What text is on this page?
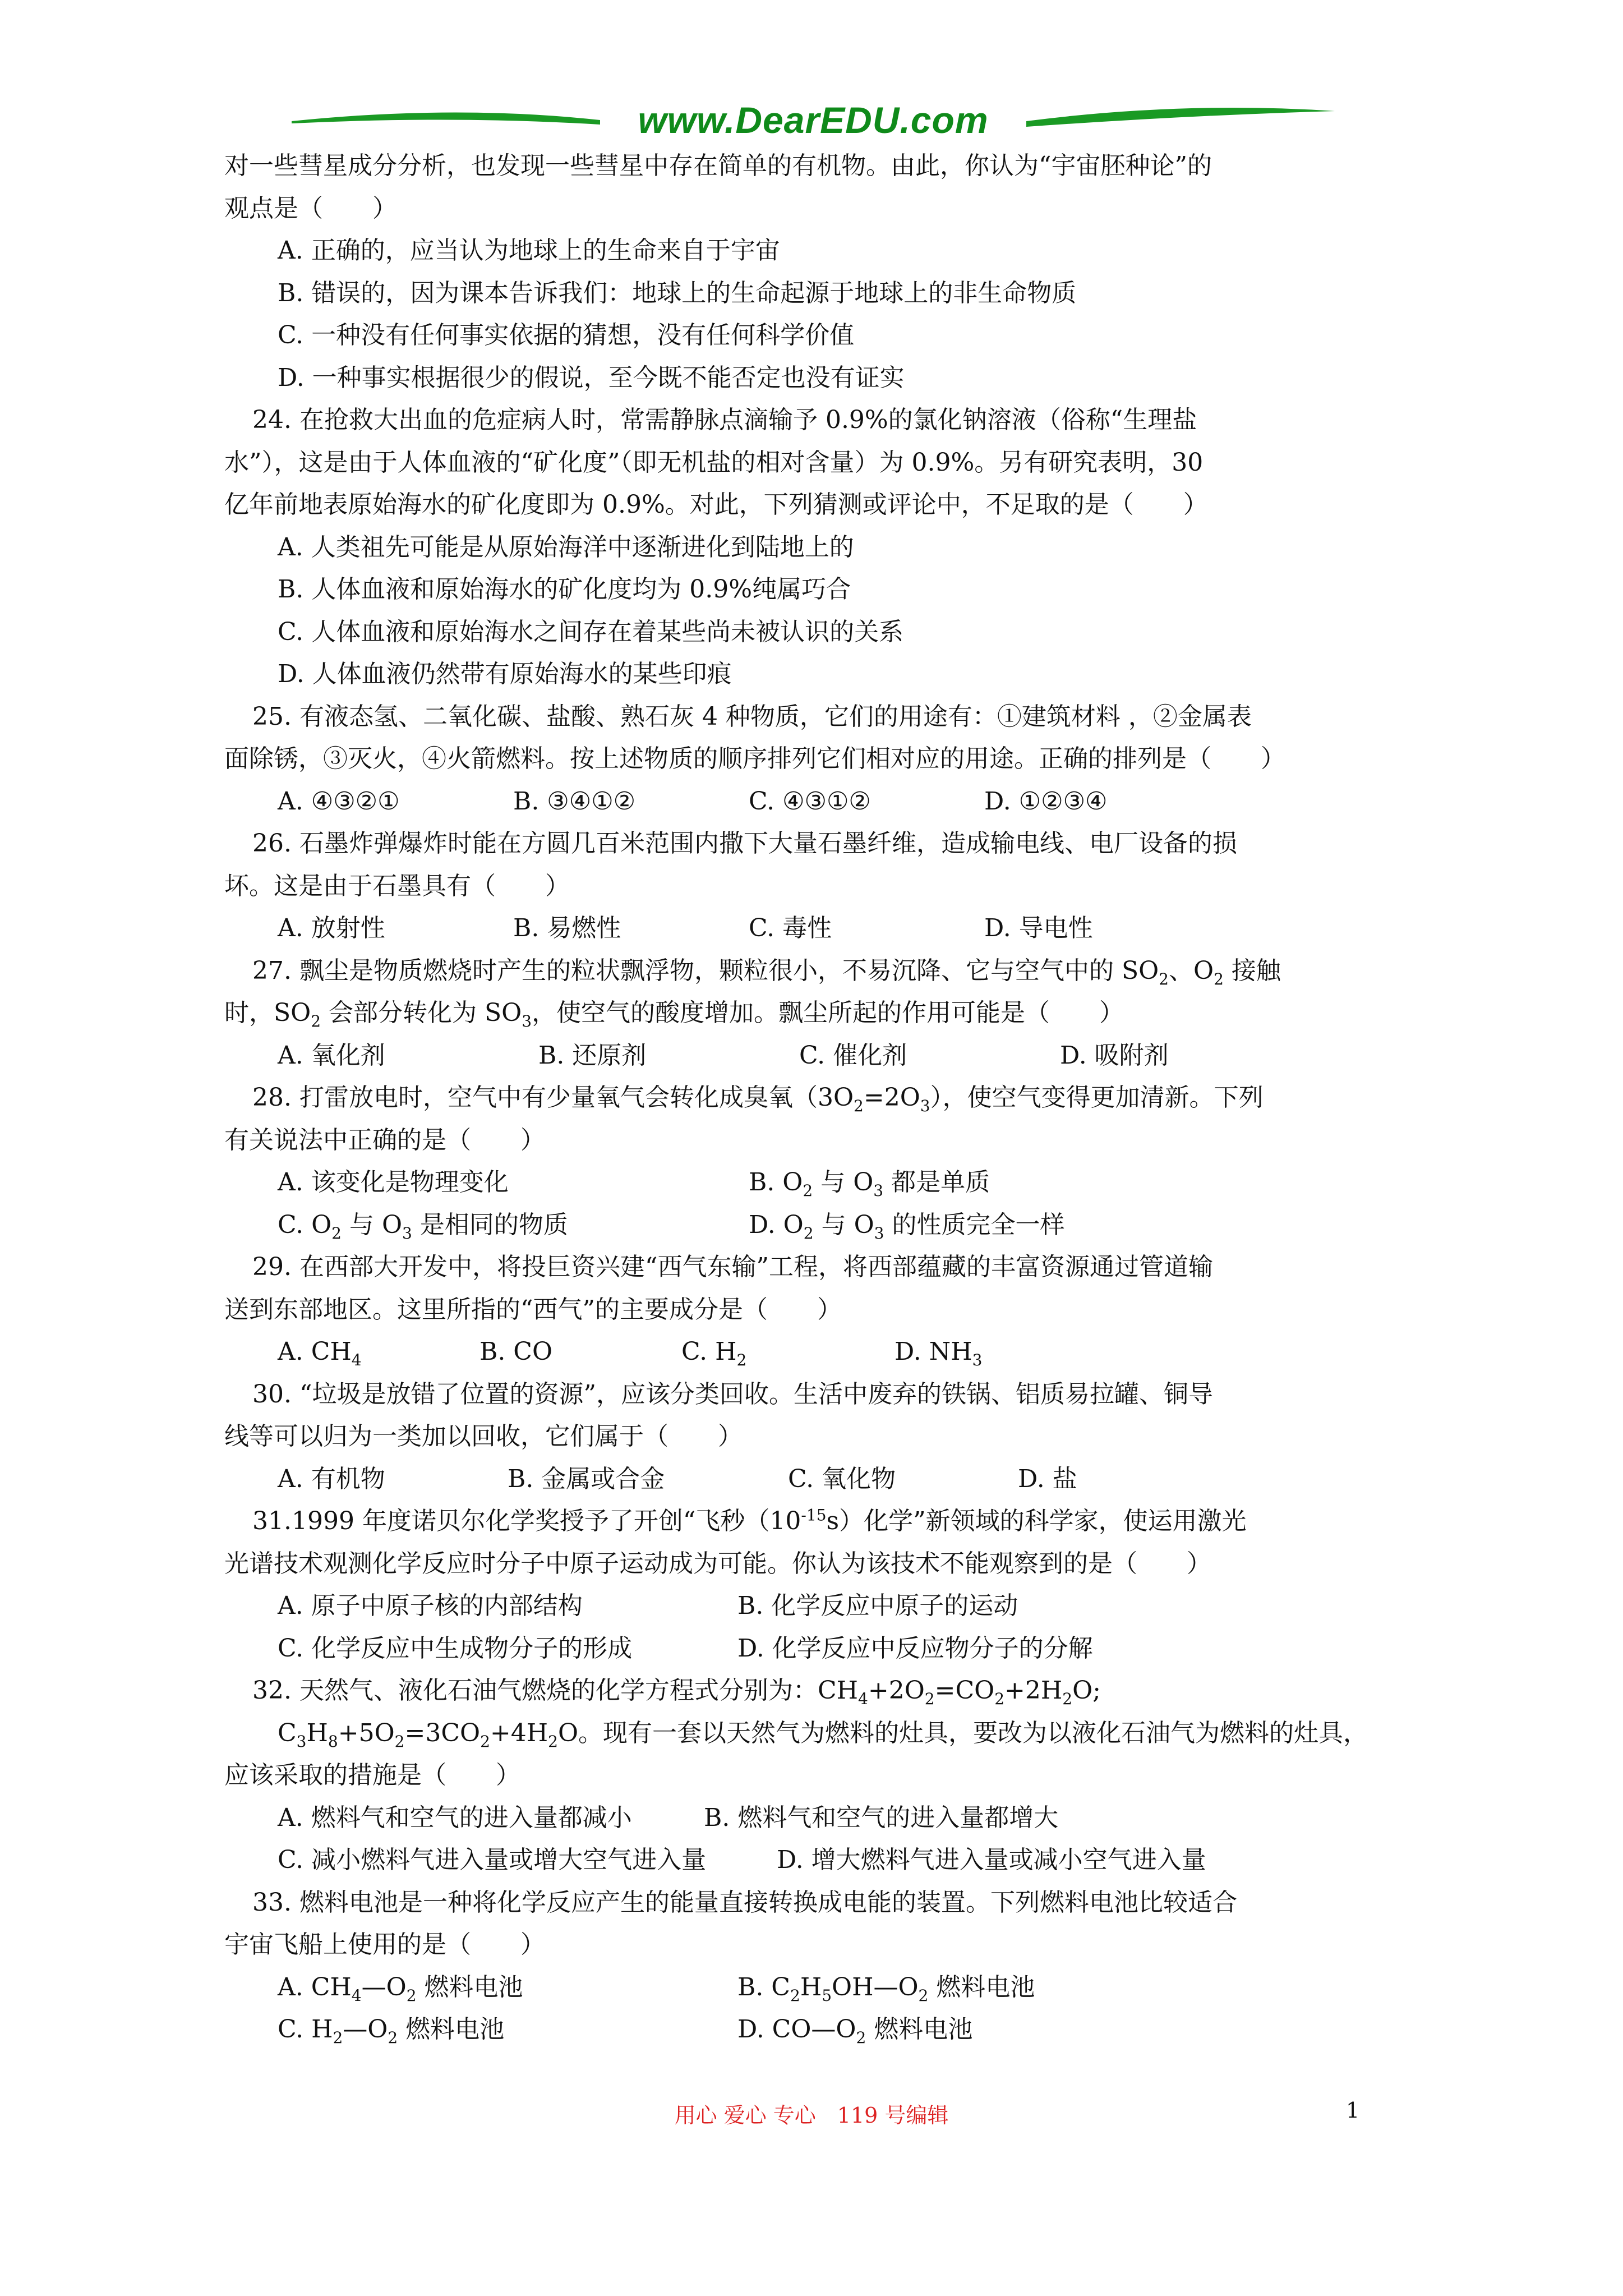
www.DearEDU.com
对一些彗星成分分析，也发现一些彗星中存在简单的有机物。由此，你认为“宇宙胚种论”的
观点是（　　）
A. 正确的，应当认为地球上的生命来自于宇宙
B. 错误的，因为课本告诉我们：地球上的生命起源于地球上的非生命物质
C. 一种没有任何事实依据的猜想，没有任何科学价值
D. 一种事实根据很少的假说，至今既不能否定也没有证实
24. 在抢救大出血的危症病人时，常需静脉点滴输予 0.9%的氯化钠溶液（俗称“生理盐
水”），这是由于人体血液的“矿化度”（即无机盐的相对含量）为 0.9%。另有研究表明，30
亿年前地表原始海水的矿化度即为 0.9%。对此，下列猜测或评论中，不足取的是（　　）
A. 人类祖先可能是从原始海洋中逐渐进化到陆地上的
B. 人体血液和原始海水的矿化度均为 0.9%纯属巧合
C. 人体血液和原始海水之间存在着某些尚未被认识的关系
D. 人体血液仍然带有原始海水的某些印痕
25. 有液态氢、二氧化碳、盐酸、熟石灰 4 种物质，它们的用途有：①建筑材料 ，②金属表
面除锈，③灭火，④火箭燃料。按上述物质的顺序排列它们相对应的用途。正确的排列是（　　）
A. ④③②①	B. ③④①②	C. ④③①②	D. ①②③④
26. 石墨炸弹爆炸时能在方圆几百米范围内撒下大量石墨纤维，造成输电线、电厂设备的损
坏。这是由于石墨具有（　　）
A. 放射性	B. 易燃性	C. 毒性	D. 导电性
27. 飘尘是物质燃烧时产生的粒状飘浮物，颗粒很小，不易沉降、它与空气中的 $SO_2$、$O_2$ 接触
时，$SO_2$ 会部分转化为 $SO_3$，使空气的酸度增加。飘尘所起的作用可能是（　　）
A. 氧化剂	B. 还原剂	C. 催化剂	D. 吸附剂
28. 打雷放电时，空气中有少量氧气会转化成臭氧$(3O_2=2O_3)$，使空气变得更加清新。下列
有关说法中正确的是（　　）
A. 该变化是物理变化	B. $O_2$ 与 $O_3$ 都是单质
C. $O_2$ 与 $O_3$ 是相同的物质	D. $O_2$ 与 $O_3$ 的性质完全一样
29. 在西部大开发中，将投巨资兴建“西气东输”工程，将西部蕴藏的丰富资源通过管道输
送到东部地区。这里所指的“西气”的主要成分是（　　）
A. $CH_4$	B. CO	C. $H_2$	D. $NH_3$
30. “垃圾是放错了位置的资源”，应该分类回收。生活中废弃的铁锅、铝质易拉罐、铜导
线等可以归为一类加以回收，它们属于（　　）
A. 有机物	B. 金属或合金	C. 氧化物	D. 盐
31.1999 年度诺贝尔化学奖授予了开创“飞秒$(10^{-15}s)$化学”新领域的科学家，使运用激光
光谱技术观测化学反应时分子中原子运动成为可能。你认为该技术不能观察到的是（　　）
A. 原子中原子核的内部结构	B. 化学反应中原子的运动
C. 化学反应中生成物分子的形成	D. 化学反应中反应物分子的分解
32. 天然气、液化石油气燃烧的化学方程式分别为：$CH_4+2O_2=CO_2+2H_2O$;
$C_3H_8+5O_2=3CO_2+4H_2O$。现有一套以天然气为燃料的灶具，要改为以液化石油气为燃料的灶具，
应该采取的措施是（　　）
A. 燃料气和空气的进入量都减小	B. 燃料气和空气的进入量都增大
C. 减小燃料气进入量或增大空气进入量	D. 增大燃料气进入量或减小空气进入量
33. 燃料电池是一种将化学反应产生的能量直接转换成电能的装置。下列燃料电池比较适合
宇宙飞船上使用的是（　　）
A. $CH_4—O_2$ 燃料电池	B. $C_2H_5OH—O_2$ 燃料电池
C. $H_2—O_2$ 燃料电池	D. $CO—O_2$ 燃料电池
用心 爱心 专心　119 号编辑	1
